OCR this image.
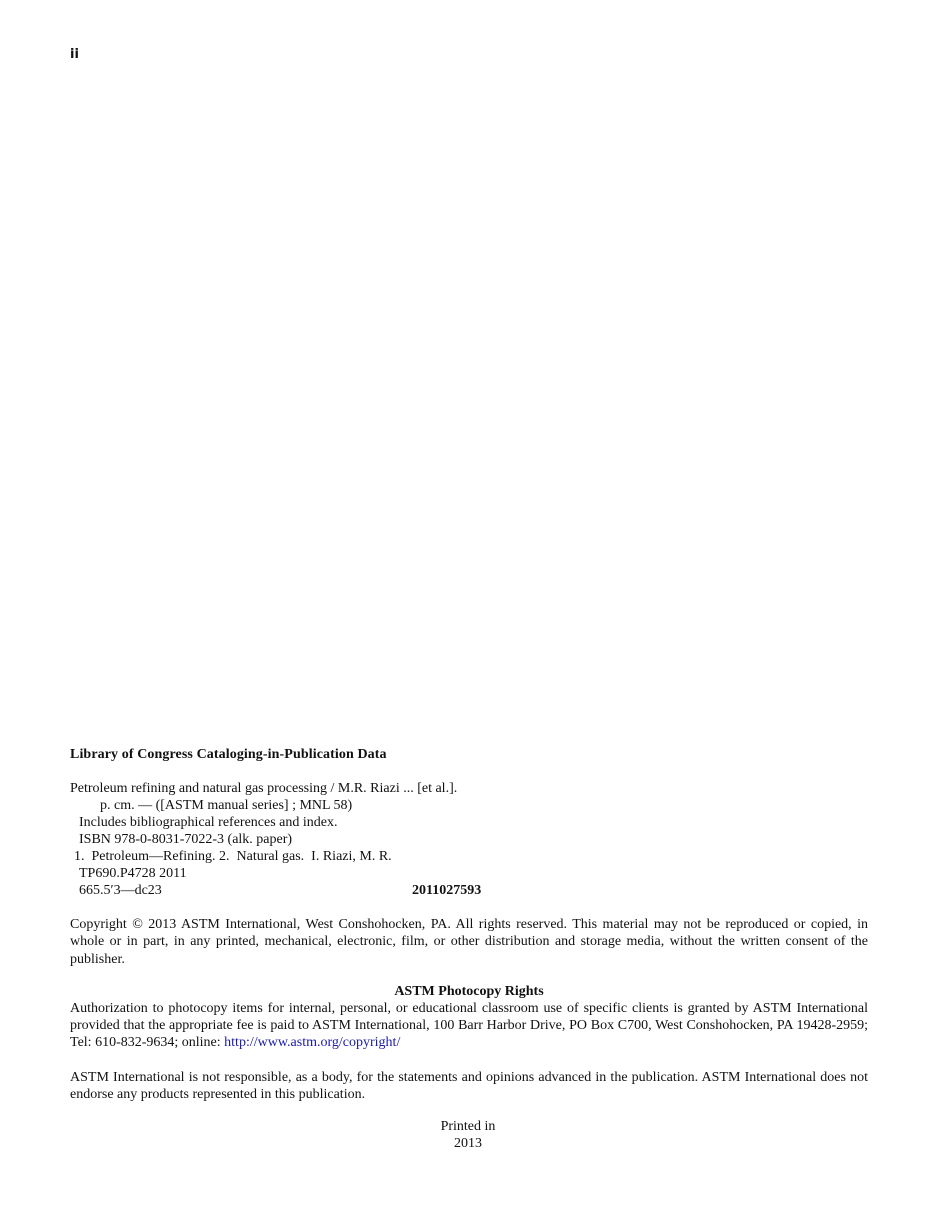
ii
Library of Congress Cataloging-in-Publication Data
Petroleum refining and natural gas processing / M.R. Riazi ... [et al.].
p. cm. — ([ASTM manual series] ; MNL 58)
Includes bibliographical references and index.
ISBN 978-0-8031-7022-3 (alk. paper)
1.  Petroleum—Refining. 2.  Natural gas.  I. Riazi, M. R.
TP690.P4728 2011
665.5′3—dc23	2011027593

Copyright © 2013 ASTM International, West Conshohocken, PA. All rights reserved. This material may not be reproduced or copied, in whole or in part, in any printed, mechanical, electronic, film, or other distribution and storage media, without the written consent of the publisher.

ASTM Photocopy Rights
Authorization to photocopy items for internal, personal, or educational classroom use of specific clients is granted by ASTM International provided that the appropriate fee is paid to ASTM International, 100 Barr Harbor Drive, PO Box C700, West Conshohocken, PA 19428-2959; Tel: 610-832-9634; online: http://www.astm.org/copyright/

ASTM International is not responsible, as a body, for the statements and opinions advanced in the publication. ASTM International does not endorse any products represented in this publication.

Printed in
2013
